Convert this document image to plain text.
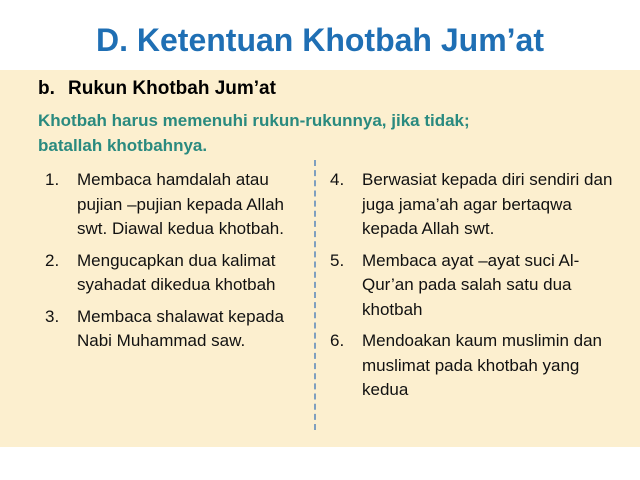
D. Ketentuan Khotbah Jum’at
b. Rukun Khotbah Jum’at
Khotbah harus memenuhi rukun-rukunnya, jika tidak;
batallah khotbahnya.
1.	Membaca hamdalah atau pujian –pujian kepada Allah swt. Diawal kedua khotbah.
2.	Mengucapkan dua kalimat syahadat dikedua khotbah
3.	Membaca shalawat kepada Nabi Muhammad saw.
4.	Berwasiat kepada diri sendiri dan juga jama’ah agar bertaqwa kepada Allah swt.
5.	Membaca ayat –ayat suci Al-Qur’an pada salah satu dua khotbah
6.	Mendoakan kaum muslimin dan muslimat pada khotbah yang kedua
